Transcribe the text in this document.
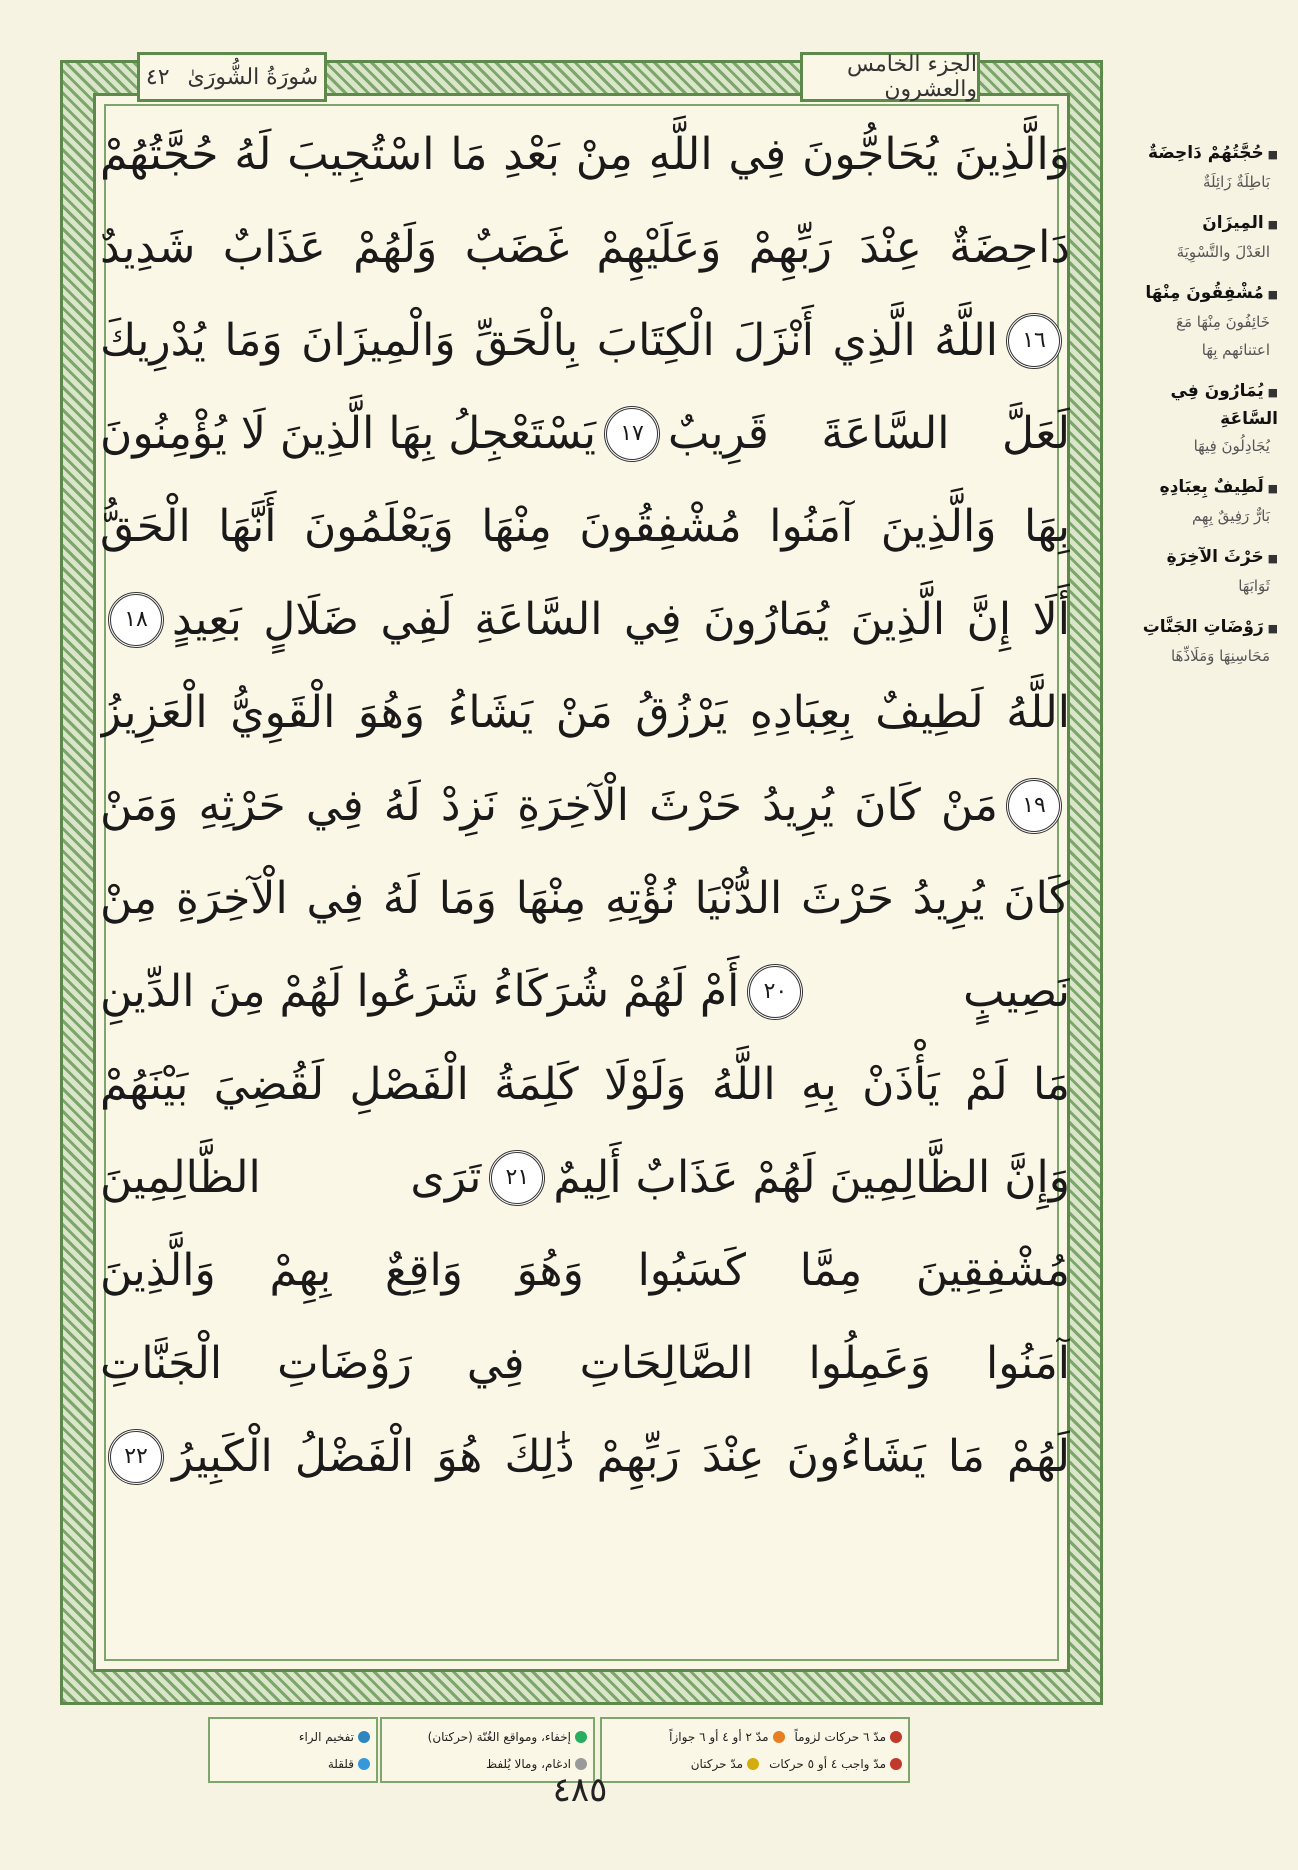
سُورَةُ الشُّورَىٰ
٤٢	الجزء الخامس والعشرون
وَالَّذِينَ يُحَاجُّونَ فِي اللَّهِ مِنْ بَعْدِ مَا اسْتُجِيبَ لَهُ حُجَّتُهُمْ
دَاحِضَةٌ عِنْدَ رَبِّهِمْ وَعَلَيْهِمْ غَضَبٌ وَلَهُمْ عَذَابٌ شَدِيدٌ
١٦
اللَّهُ الَّذِي أَنْزَلَ الْكِتَابَ بِالْحَقِّ وَالْمِيزَانَ وَمَا يُدْرِيكَ
لَعَلَّ السَّاعَةَ قَرِيبٌ
١٧
يَسْتَعْجِلُ بِهَا الَّذِينَ لَا يُؤْمِنُونَ
بِهَا وَالَّذِينَ آمَنُوا مُشْفِقُونَ مِنْهَا وَيَعْلَمُونَ أَنَّهَا الْحَقُّ
أَلَا إِنَّ الَّذِينَ يُمَارُونَ فِي السَّاعَةِ لَفِي ضَلَالٍ بَعِيدٍ
١٨
اللَّهُ لَطِيفٌ بِعِبَادِهِ يَرْزُقُ مَنْ يَشَاءُ وَهُوَ الْقَوِيُّ الْعَزِيزُ
١٩
مَنْ كَانَ يُرِيدُ حَرْثَ الْآخِرَةِ نَزِدْ لَهُ فِي حَرْثِهِ وَمَنْ
كَانَ يُرِيدُ حَرْثَ الدُّنْيَا نُؤْتِهِ مِنْهَا وَمَا لَهُ فِي الْآخِرَةِ مِنْ
نَصِيبٍ
٢٠
أَمْ لَهُمْ شُرَكَاءُ شَرَعُوا لَهُمْ مِنَ الدِّينِ
مَا لَمْ يَأْذَنْ بِهِ اللَّهُ وَلَوْلَا كَلِمَةُ الْفَصْلِ لَقُضِيَ بَيْنَهُمْ
وَإِنَّ الظَّالِمِينَ لَهُمْ عَذَابٌ أَلِيمٌ
٢١
تَرَى الظَّالِمِينَ
مُشْفِقِينَ مِمَّا كَسَبُوا وَهُوَ وَاقِعٌ بِهِمْ وَالَّذِينَ
آمَنُوا وَعَمِلُوا الصَّالِحَاتِ فِي رَوْضَاتِ الْجَنَّاتِ
لَهُمْ مَا يَشَاءُونَ عِنْدَ رَبِّهِمْ ذَٰلِكَ هُوَ الْفَضْلُ الْكَبِيرُ
٢٢
■ حُجَّتُهُمْ دَاحِضَةٌ
بَاطِلَةٌ زَائِلَةٌ
■ المِيزَانَ
العَدْلَ والتَّسْوِيَةَ
■ مُشْفِقُونَ مِنْهَا
خَائِفُونَ مِنْهَا مَعَ اعتنائهم بِهَا
■ يُمَارُونَ فِي السَّاعَةِ
يُجَادِلُونَ فِيهَا
■ لَطِيفٌ بِعِبَادِهِ
بَارٌّ رَفِيقٌ بِهِم
■ حَرْثَ الآخِرَةِ
ثَوَابَهَا
■ رَوْضَاتِ الجَنَّاتِ
مَحَاسِنِهَا وَمَلَاذِّهَا
مدّ ٦ حركات لزوماً
مدّ ٢ أو ٤ أو ٦ جوازاً
مدّ واجب ٤ أو ٥ حركات
مدّ حركتان
إخفاء، ومواقع الغُنّة (حركتان)
ادغام، ومالا يُلفظ
تفخيم الراء
قلقلة
٤٨٥
